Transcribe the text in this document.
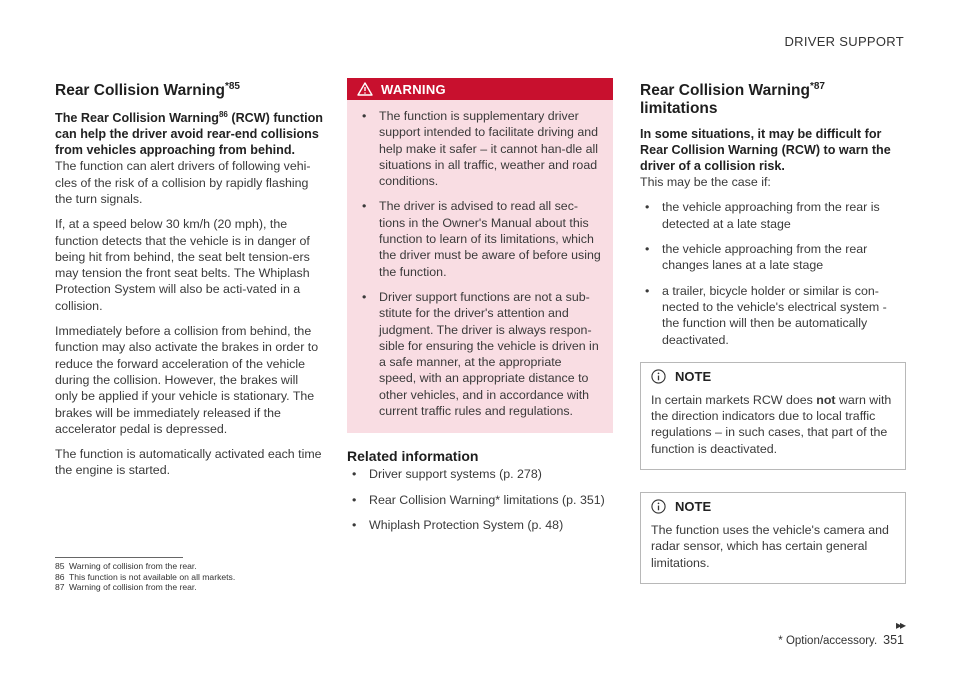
DRIVER SUPPORT
Rear Collision Warning$^{*85}$
The Rear Collision Warning$^{86}$ (RCW) function can help the driver avoid rear-end collisions from vehicles approaching from behind.

The function can alert drivers of following vehi-cles of the risk of a collision by rapidly flashing the turn signals.

If, at a speed below 30 km/h (20 mph), the function detects that the vehicle is in danger of being hit from behind, the seat belt tension-ers may tension the front seat belts. The Whiplash Protection System will also be acti-vated in a collision.

Immediately before a collision from behind, the function may also activate the brakes in order to reduce the forward acceleration of the vehicle during the collision. However, the brakes will only be applied if your vehicle is stationary. The brakes will be immediately released if the accelerator pedal is depressed.

The function is automatically activated each time the engine is started.

WARNING
• The function is supplementary driver support intended to facilitate driving and help make it safer – it cannot han-dle all situations in all traffic, weather and road conditions.
• The driver is advised to read all sec-tions in the Owner's Manual about this function to learn of its limitations, which the driver must be aware of before using the function.
• Driver support functions are not a sub-stitute for the driver's attention and judgment. The driver is always respon-sible for ensuring the vehicle is driven in a safe manner, at the appropriate speed, with an appropriate distance to other vehicles, and in accordance with current traffic rules and regulations.
Related information
• Driver support systems (p. 278)
• Rear Collision Warning* limitations (p. 351)
• Whiplash Protection System (p. 48)
Rear Collision Warning$^{*87}$
limitations
In some situations, it may be difficult for Rear Collision Warning (RCW) to warn the driver of a collision risk.

This may be the case if:

• the vehicle approaching from the rear is detected at a late stage
• the vehicle approaching from the rear changes lanes at a late stage
• a trailer, bicycle holder or similar is con-nected to the vehicle's electrical system - the function will then be automatically deactivated.
NOTE

In certain markets RCW does not warn with the direction indicators due to local traffic regulations – in such cases, that part of the function is deactivated.

NOTE

The function uses the vehicle's camera and radar sensor, which has certain general limitations.

85 Warning of collision from the rear.
86 This function is not available on all markets.
87 Warning of collision from the rear.
▸▸
* Option/accessory. 351
